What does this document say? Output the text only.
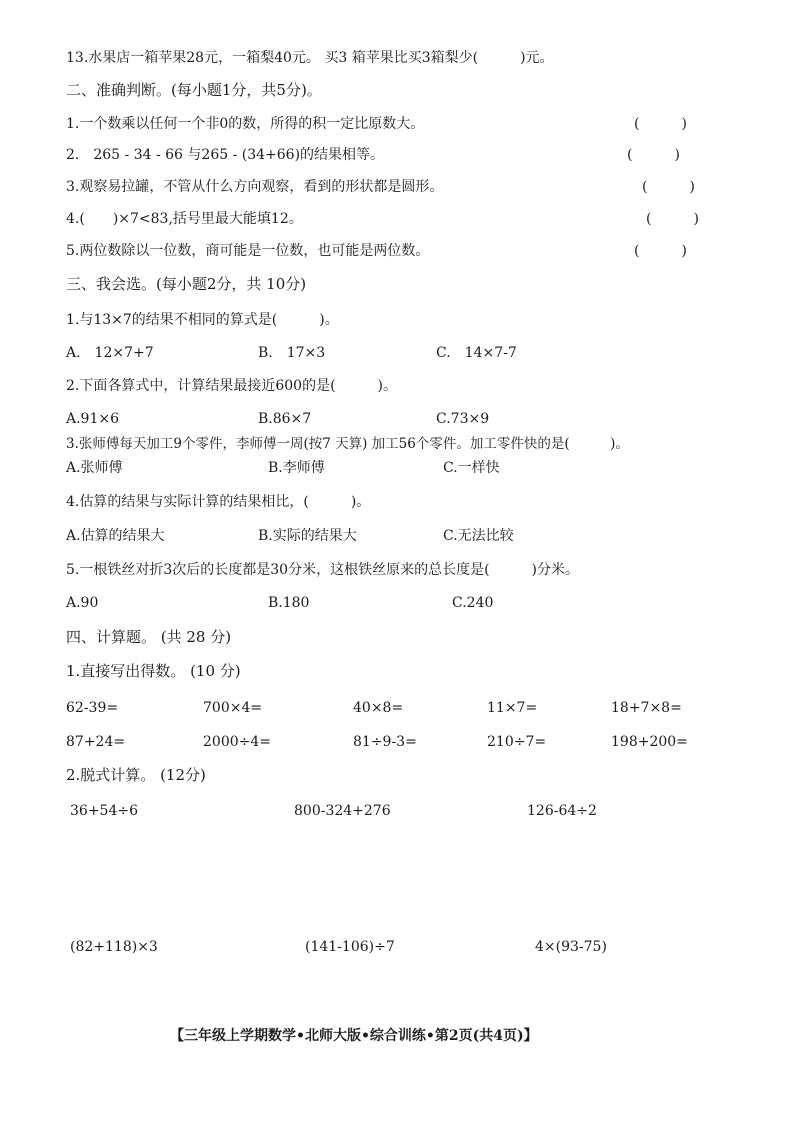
13.水果店一箱苹果28元，一箱梨40元。 买3 箱苹果比买3箱梨少(　　　)元。
二、准确判断。(每小题1分，共5分)。
1.一个数乘以任何一个非0的数，所得的积一定比原数大。	(　　　)
2.　265 - 34 - 66 与265 - (34+66)的结果相等。	(　　　)
3.观察易拉罐，不管从什么方向观察，看到的形状都是圆形。	(　　　)
4.(　　)×7<83,括号里最大能填12。	(　　　)
5.两位数除以一位数，商可能是一位数，也可能是两位数。	(　　　)
三、我会选。(每小题2分，共 10分)
1.与13×7的结果不相同的算式是(　　　)。
A.　12×7+7	B.　17×3	C.　14×7-7
2.下面各算式中，计算结果最接近600的是(　　　)。
A.91×6	B.86×7	C.73×9
3.张师傅每天加工9个零件，李师傅一周(按7 天算) 加工56个零件。加工零件快的是(　　　)。
A.张师傅	B.李师傅	C.一样快
4.估算的结果与实际计算的结果相比，(　　　)。
A.估算的结果大	B.实际的结果大	C.无法比较
5.一根铁丝对折3次后的长度都是30分米，这根铁丝原来的总长度是(　　　)分米。
A.90	B.180	C.240
四、计算题。 (共 28 分)
1.直接写出得数。 (10 分)
62-39=	700×4=	40×8=	11×7=	18+7×8=
87+24=	2000÷4=	81÷9-3=	210÷7=	198+200=
2.脱式计算。 (12分)
36+54÷6	800-324+276	126-64÷2
(82+118)×3	(141-106)÷7	4×(93-75)
【三年级上学期数学•北师大版•综合训练•第2页(共4页)】
